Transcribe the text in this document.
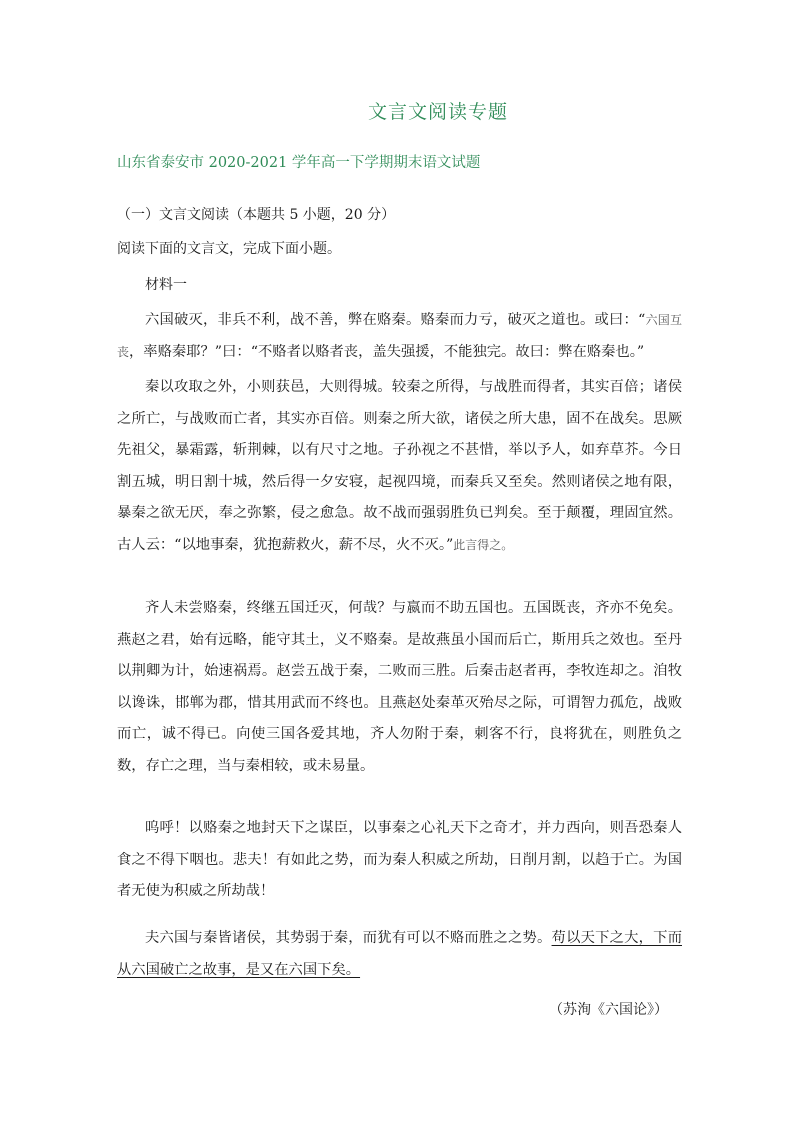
文言文阅读专题
山东省泰安市 2020-2021 学年高一下学期期末语文试题
（一）文言文阅读（本题共 5 小题，20 分）
阅读下面的文言文，完成下面小题。
材料一

六国破灭，非兵不利，战不善，弊在赂秦。赂秦而力亏，破灭之道也。或曰：“六国互丧，率赂秦耶？”曰：“不赂者以赂者丧，盖失强援，不能独完。故曰：弊在赂秦也。”

秦以攻取之外，小则获邑，大则得城。较秦之所得，与战胜而得者，其实百倍；诸侯之所亡，与战败而亡者，其实亦百倍。则秦之所大欲，诸侯之所大患，固不在战矣。思厥先祖父，暴霜露，斩荆棘，以有尺寸之地。子孙视之不甚惜，举以予人，如弃草芥。今日割五城，明日割十城，然后得一夕安寝，起视四境，而秦兵又至矣。然则诸侯之地有限，暴秦之欲无厌，奉之弥繁，侵之愈急。故不战而强弱胜负已判矣。至于颠覆，理固宜然。古人云：“以地事秦，犹抱薪救火，薪不尽，火不灭。”此言得之。

齐人未尝赂秦，终继五国迁灭，何哉？与嬴而不助五国也。五国既丧，齐亦不免矣。燕赵之君，始有远略，能守其土，义不赂秦。是故燕虽小国而后亡，斯用兵之效也。至丹以荆卿为计，始速祸焉。赵尝五战于秦，二败而三胜。后秦击赵者再，李牧连却之。洎牧以谗诛，邯郸为郡，惜其用武而不终也。且燕赵处秦革灭殆尽之际，可谓智力孤危，战败而亡，诚不得已。向使三国各爱其地，齐人勿附于秦，刺客不行，良将犹在，则胜负之数，存亡之理，当与秦相较，或未易量。

呜呼！以赂秦之地封天下之谋臣，以事秦之心礼天下之奇才，并力西向，则吾恐秦人食之不得下咽也。悲夫！有如此之势，而为秦人积威之所劫，日削月割，以趋于亡。为国者无使为积威之所劫哉！

夫六国与秦皆诸侯，其势弱于秦，而犹有可以不赂而胜之之势。苟以天下之大，下而从六国破亡之故事，是又在六国下矣。

（苏洵《六国论》）
